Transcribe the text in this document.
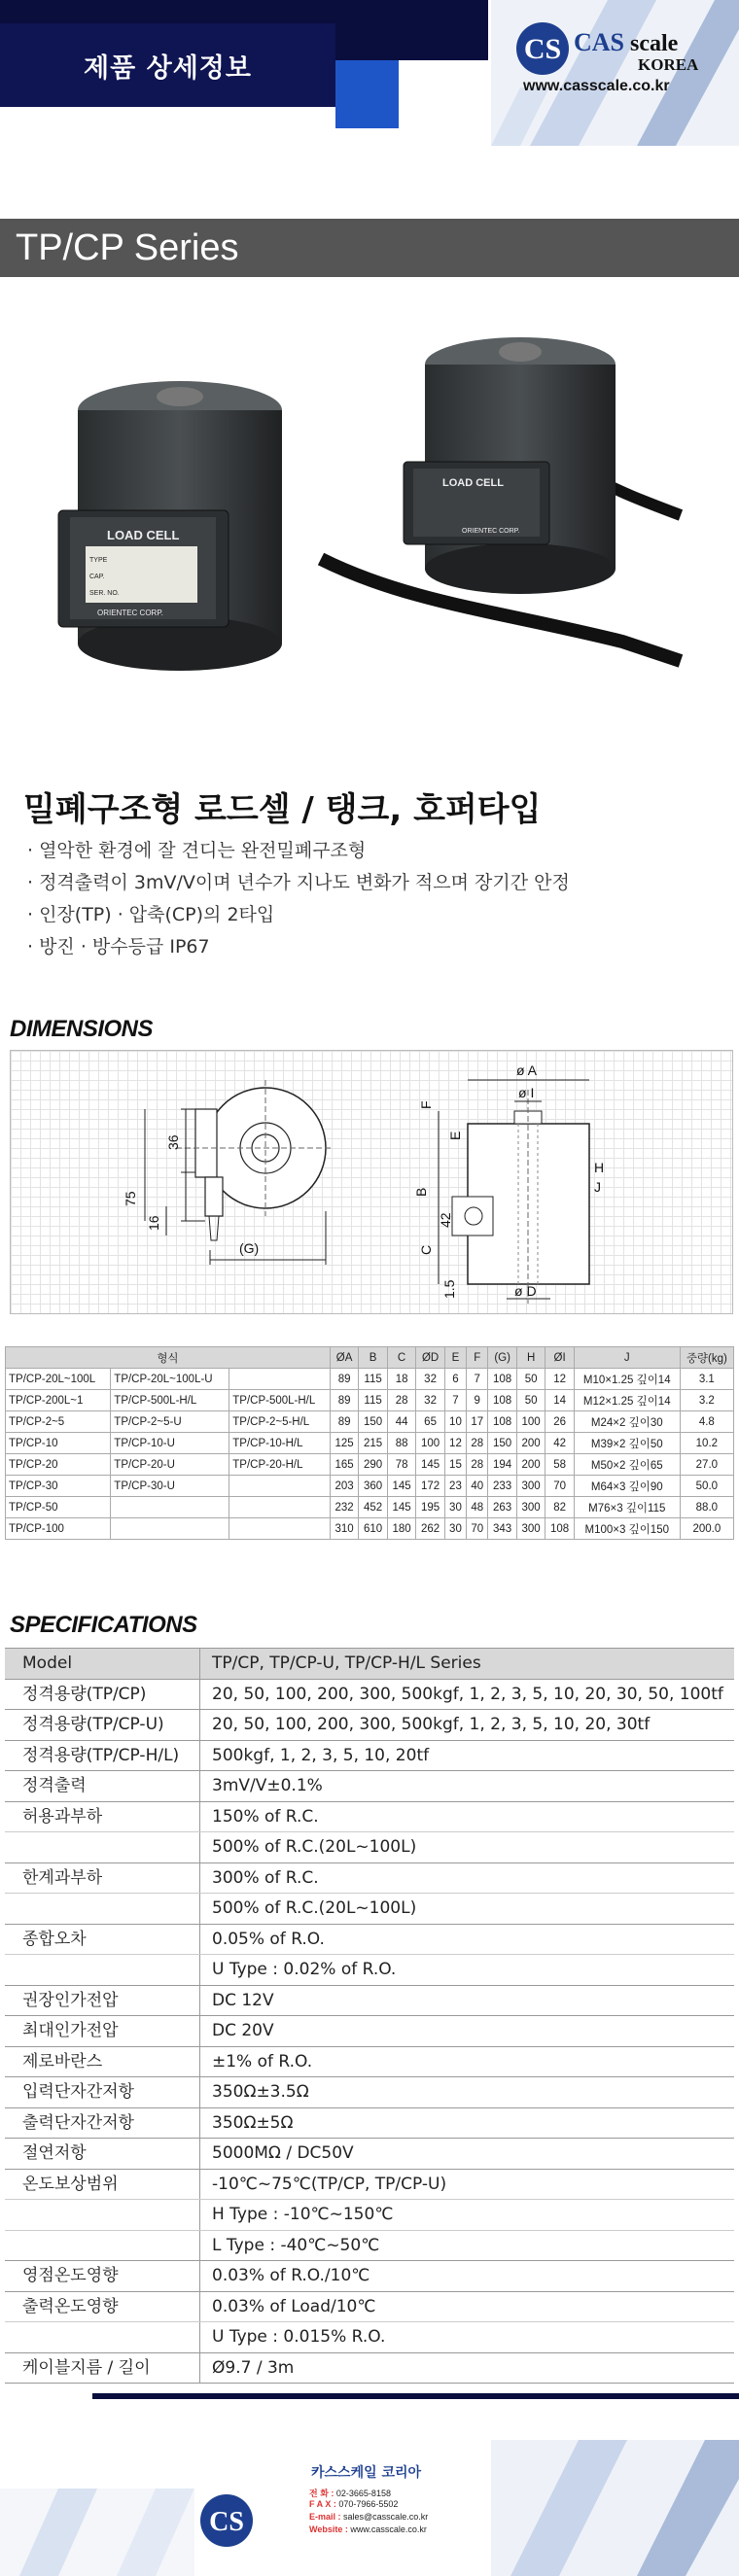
제품 상세정보
CS CAS scale
KOREA
www.casscale.co.kr
TP/CP Series
LOAD CELL
ORIENTEC CORP.
LOAD CELL
TYPE
CAP.
SER. NO.
ORIENTEC CORP.
밀폐구조형 로드셀 / 탱크, 호퍼타입
· 열악한 환경에 잘 견디는 완전밀폐구조형
· 정격출력이 3mV/V이며 년수가 지나도 변화가 적으며 장기간 안정
· 인장(TP) · 압축(CP)의 2타입
· 방진 · 방수등급 IP67
DIMENSIONS
36
75
16
(G)
ø A
ø I
F
E
B
H
J
C
42
1.5	ø D
형식			ØA	B	C	ØD	E	F	(G)	H	ØI	J	중량(kg)
TP/CP-20L~100L	TP/CP-20L~100L-U		89	115	18	32	6	7	108	50	12	M10×1.25 깊이14	3.1
TP/CP-200L~1	TP/CP-500L-H/L	TP/CP-500L-H/L	89	115	28	32	7	9	108	50	14	M12×1.25 깊이14	3.2
TP/CP-2~5	TP/CP-2~5-U	TP/CP-2~5-H/L	89	150	44	65	10	17	108	100	26	M24×2 깊이30	4.8
TP/CP-10	TP/CP-10-U	TP/CP-10-H/L	125	215	88	100	12	28	150	200	42	M39×2 깊이50	10.2
TP/CP-20	TP/CP-20-U	TP/CP-20-H/L	165	290	78	145	15	28	194	200	58	M50×2 깊이65	27.0
TP/CP-30	TP/CP-30-U		203	360	145	172	23	40	233	300	70	M64×3 깊이90	50.0
TP/CP-50			232	452	145	195	30	48	263	300	82	M76×3 깊이115	88.0
TP/CP-100			310	610	180	262	30	70	343	300	108	M100×3 깊이150	200.0
SPECIFICATIONS
Model	TP/CP, TP/CP-U, TP/CP-H/L Series
정격용량(TP/CP)	20, 50, 100, 200, 300, 500kgf, 1, 2, 3, 5, 10, 20, 30, 50, 100tf
정격용량(TP/CP-U)	20, 50, 100, 200, 300, 500kgf, 1, 2, 3, 5, 10, 20, 30tf
정격용량(TP/CP-H/L)	500kgf, 1, 2, 3, 5, 10, 20tf
정격출력	3mV/V±0.1%
허용과부하	150% of R.C.
500% of R.C.(20L~100L)
한계과부하	300% of R.C.
500% of R.C.(20L~100L)
종합오차	0.05% of R.O.
U Type : 0.02% of R.O.
권장인가전압	DC 12V
최대인가전압	DC 20V
제로바란스	±1% of R.O.
입력단자간저항	350Ω±3.5Ω
출력단자간저항	350Ω±5Ω
절연저항	5000MΩ / DC50V
온도보상범위	-10℃~75℃(TP/CP, TP/CP-U)
H Type : -10℃~150℃
L Type : -40℃~50℃
영점온도영향	0.03% of R.O./10℃
출력온도영향	0.03% of Load/10℃
U Type : 0.015% R.O.
케이블지름 / 길이	Ø9.7 / 3m
CS
카스스케일 코리아
전 화 : 02-3665-8158
F A X : 070-7966-5502
E-mail : sales@casscale.co.kr
Website : www.casscale.co.kr
